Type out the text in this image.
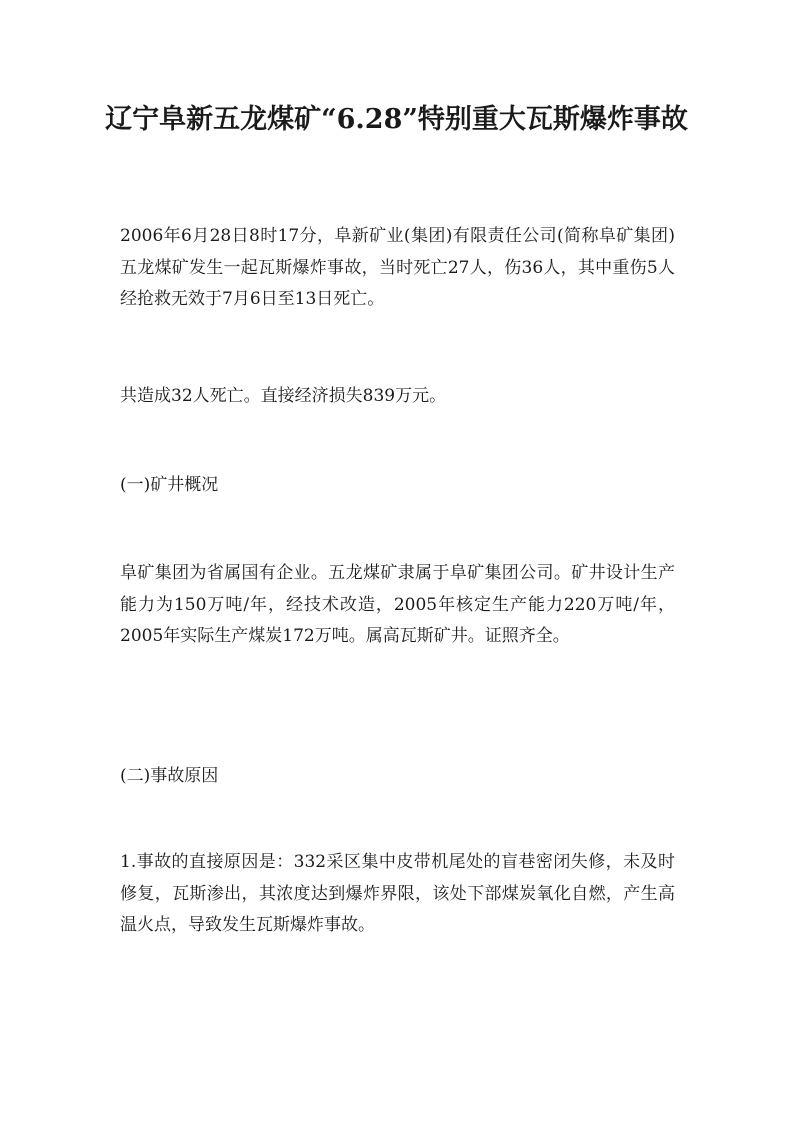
辽宁阜新五龙煤矿“6.28”特别重大瓦斯爆炸事故

2006年6月28日8时17分，阜新矿业(集团)有限责任公司(简称阜矿集团)五龙煤矿发生一起瓦斯爆炸事故，当时死亡27人，伤36人，其中重伤5人经抢救无效于7月6日至13日死亡。

共造成32人死亡。直接经济损失839万元。

(一)矿井概况

阜矿集团为省属国有企业。五龙煤矿隶属于阜矿集团公司。矿井设计生产能力为150万吨/年，经技术改造，2005年核定生产能力220万吨/年，2005年实际生产煤炭172万吨。属高瓦斯矿井。证照齐全。

(二)事故原因

1.事故的直接原因是：332采区集中皮带机尾处的盲巷密闭失修，未及时修复，瓦斯渗出，其浓度达到爆炸界限，该处下部煤炭氧化自燃，产生高温火点，导致发生瓦斯爆炸事故。
